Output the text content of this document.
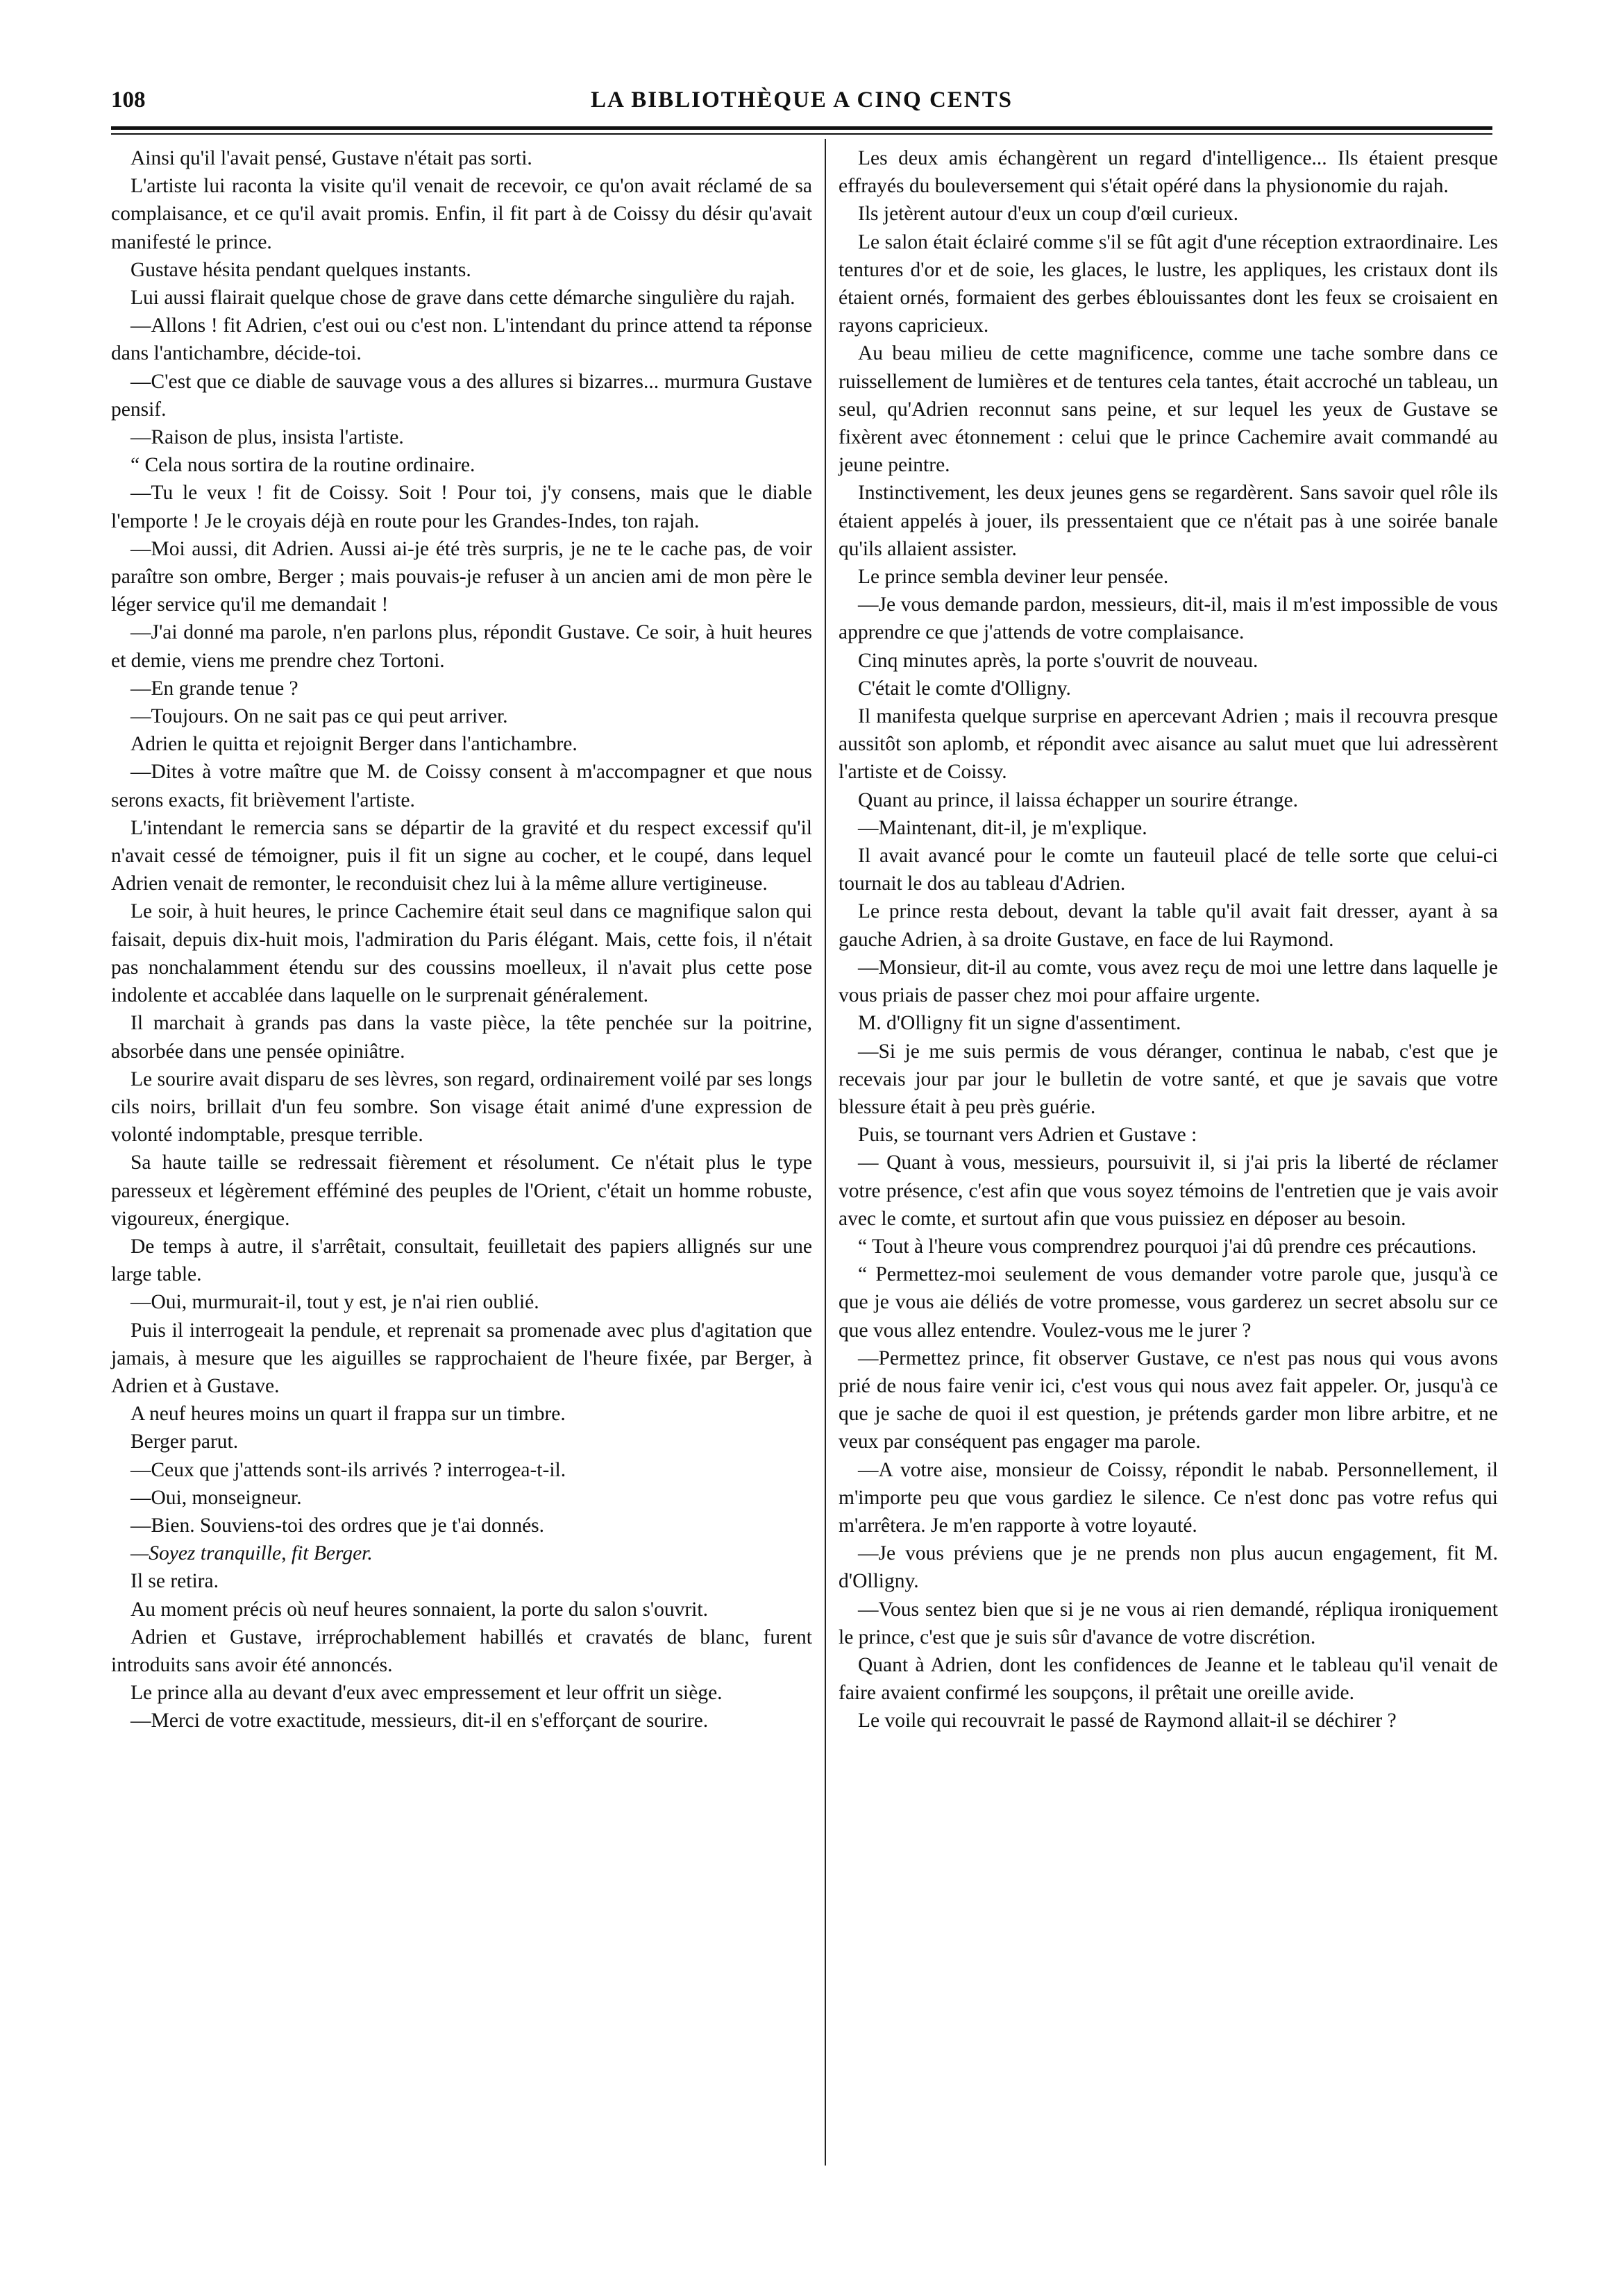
108	LA BIBLIOTHÈQUE A CINQ CENTS

Ainsi qu'il l'avait pensé, Gustave n'était pas sorti.

L'artiste lui raconta la visite qu'il venait de recevoir, ce qu'on avait réclamé de sa complaisance, et ce qu'il avait promis. Enfin, il fit part à de Coissy du désir qu'avait manifesté le prince.

Gustave hésita pendant quelques instants.

Lui aussi flairait quelque chose de grave dans cette démarche singulière du rajah.

—Allons ! fit Adrien, c'est oui ou c'est non. L'intendant du prince attend ta réponse dans l'antichambre, décide-toi.

—C'est que ce diable de sauvage vous a des allures si bizarres... murmura Gustave pensif.

—Raison de plus, insista l'artiste.

“ Cela nous sortira de la routine ordinaire.

—Tu le veux ! fit de Coissy. Soit ! Pour toi, j'y consens, mais que le diable l'emporte ! Je le croyais déjà en route pour les Grandes-Indes, ton rajah.

—Moi aussi, dit Adrien. Aussi ai-je été très surpris, je ne te le cache pas, de voir paraître son ombre, Berger ; mais pouvais-je refuser à un ancien ami de mon père le léger service qu'il me demandait !

—J'ai donné ma parole, n'en parlons plus, répondit Gustave. Ce soir, à huit heures et demie, viens me prendre chez Tortoni.

—En grande tenue ?

—Toujours. On ne sait pas ce qui peut arriver.

Adrien le quitta et rejoignit Berger dans l'antichambre.

—Dites à votre maître que M. de Coissy consent à m'accompagner et que nous serons exacts, fit brièvement l'artiste.

L'intendant le remercia sans se départir de la gravité et du respect excessif qu'il n'avait cessé de témoigner, puis il fit un signe au cocher, et le coupé, dans lequel Adrien venait de remonter, le reconduisit chez lui à la même allure vertigineuse.

Le soir, à huit heures, le prince Cachemire était seul dans ce magnifique salon qui faisait, depuis dix-huit mois, l'admiration du Paris élégant. Mais, cette fois, il n'était pas nonchalamment étendu sur des coussins moelleux, il n'avait plus cette pose indolente et accablée dans laquelle on le surprenait généralement.

Il marchait à grands pas dans la vaste pièce, la tête penchée sur la poitrine, absorbée dans une pensée opiniâtre.

Le sourire avait disparu de ses lèvres, son regard, ordinairement voilé par ses longs cils noirs, brillait d'un feu sombre. Son visage était animé d'une expression de volonté indomptable, presque terrible.

Sa haute taille se redressait fièrement et résolument. Ce n'était plus le type paresseux et légèrement efféminé des peuples de l'Orient, c'était un homme robuste, vigoureux, énergique.

De temps à autre, il s'arrêtait, consultait, feuilletait des papiers allignés sur une large table.

—Oui, murmurait-il, tout y est, je n'ai rien oublié.

Puis il interrogeait la pendule, et reprenait sa promenade avec plus d'agitation que jamais, à mesure que les aiguilles se rapprochaient de l'heure fixée, par Berger, à Adrien et à Gustave.

A neuf heures moins un quart il frappa sur un timbre.

Berger parut.

—Ceux que j'attends sont-ils arrivés ? interrogea-t-il.

—Oui, monseigneur.

—Bien. Souviens-toi des ordres que je t'ai donnés.

—Soyez tranquille, fit Berger.

Il se retira.

Au moment précis où neuf heures sonnaient, la porte du salon s'ouvrit.

Adrien et Gustave, irréprochablement habillés et cravatés de blanc, furent introduits sans avoir été annoncés.

Le prince alla au devant d'eux avec empressement et leur offrit un siège.

—Merci de votre exactitude, messieurs, dit-il en s'efforçant de sourire.

Les deux amis échangèrent un regard d'intelligence... Ils étaient presque effrayés du bouleversement qui s'était opéré dans la physionomie du rajah.

Ils jetèrent autour d'eux un coup d'œil curieux.

Le salon était éclairé comme s'il se fût agit d'une réception extraordinaire. Les tentures d'or et de soie, les glaces, le lustre, les appliques, les cristaux dont ils étaient ornés, formaient des gerbes éblouissantes dont les feux se croisaient en rayons capricieux.

Au beau milieu de cette magnificence, comme une tache sombre dans ce ruissellement de lumières et de tentures cela tantes, était accroché un tableau, un seul, qu'Adrien reconnut sans peine, et sur lequel les yeux de Gustave se fixèrent avec étonnement : celui que le prince Cachemire avait commandé au jeune peintre.

Instinctivement, les deux jeunes gens se regardèrent. Sans savoir quel rôle ils étaient appelés à jouer, ils pressentaient que ce n'était pas à une soirée banale qu'ils allaient assister.

Le prince sembla deviner leur pensée.

—Je vous demande pardon, messieurs, dit-il, mais il m'est impossible de vous apprendre ce que j'attends de votre complaisance.

Cinq minutes après, la porte s'ouvrit de nouveau.

C'était le comte d'Olligny.

Il manifesta quelque surprise en apercevant Adrien ; mais il recouvra presque aussitôt son aplomb, et répondit avec aisance au salut muet que lui adressèrent l'artiste et de Coissy.

Quant au prince, il laissa échapper un sourire étrange.

—Maintenant, dit-il, je m'explique.

Il avait avancé pour le comte un fauteuil placé de telle sorte que celui-ci tournait le dos au tableau d'Adrien.

Le prince resta debout, devant la table qu'il avait fait dresser, ayant à sa gauche Adrien, à sa droite Gustave, en face de lui Raymond.

—Monsieur, dit-il au comte, vous avez reçu de moi une lettre dans laquelle je vous priais de passer chez moi pour affaire urgente.

M. d'Olligny fit un signe d'assentiment.

—Si je me suis permis de vous déranger, continua le nabab, c'est que je recevais jour par jour le bulletin de votre santé, et que je savais que votre blessure était à peu près guérie.

Puis, se tournant vers Adrien et Gustave :

— Quant à vous, messieurs, poursuivit il, si j'ai pris la liberté de réclamer votre présence, c'est afin que vous soyez témoins de l'entretien que je vais avoir avec le comte, et surtout afin que vous puissiez en déposer au besoin.

“ Tout à l'heure vous comprendrez pourquoi j'ai dû prendre ces précautions.

“ Permettez-moi seulement de vous demander votre parole que, jusqu'à ce que je vous aie déliés de votre promesse, vous garderez un secret absolu sur ce que vous allez entendre. Voulez-vous me le jurer ?

—Permettez prince, fit observer Gustave, ce n'est pas nous qui vous avons prié de nous faire venir ici, c'est vous qui nous avez fait appeler. Or, jusqu'à ce que je sache de quoi il est question, je prétends garder mon libre arbitre, et ne veux par conséquent pas engager ma parole.

—A votre aise, monsieur de Coissy, répondit le nabab. Personnellement, il m'importe peu que vous gardiez le silence. Ce n'est donc pas votre refus qui m'arrêtera. Je m'en rapporte à votre loyauté.

—Je vous préviens que je ne prends non plus aucun engagement, fit M. d'Olligny.

—Vous sentez bien que si je ne vous ai rien demandé, répliqua ironiquement le prince, c'est que je suis sûr d'avance de votre discrétion.

Quant à Adrien, dont les confidences de Jeanne et le tableau qu'il venait de faire avaient confirmé les soupçons, il prêtait une oreille avide.

Le voile qui recouvrait le passé de Raymond allait-il se déchirer ?
